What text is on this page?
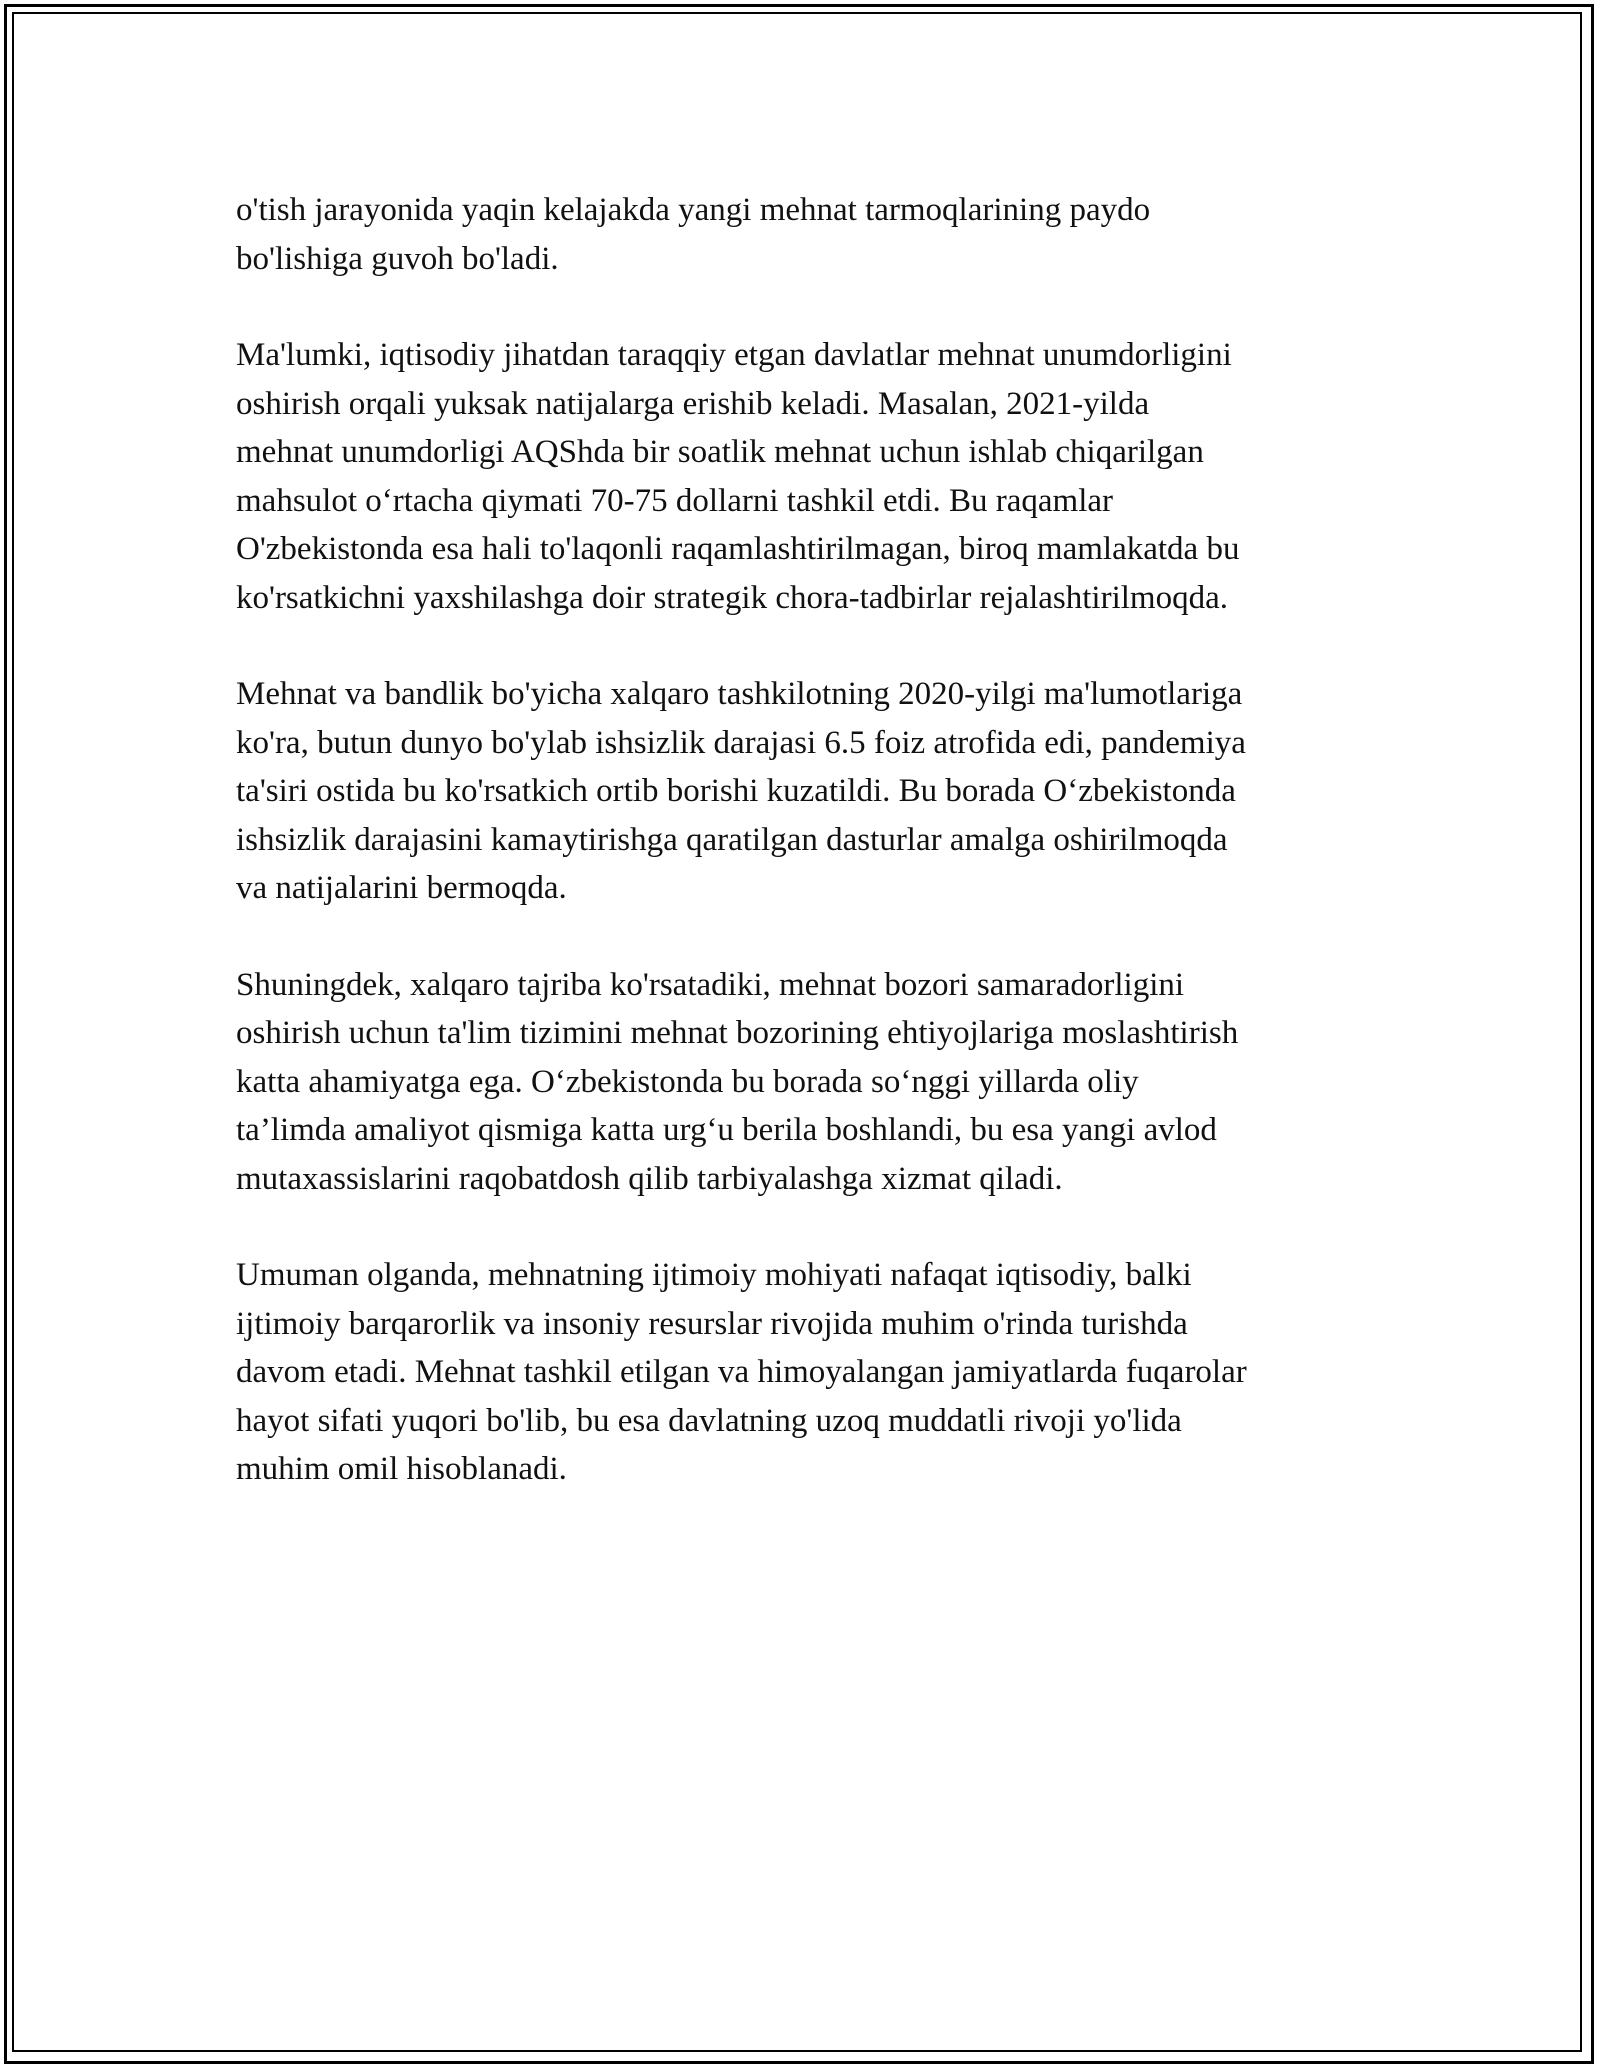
o'tish jarayonida yaqin kelajakda yangi mehnat tarmoqlarining paydo
bo'lishiga guvoh bo'ladi.

Ma'lumki, iqtisodiy jihatdan taraqqiy etgan davlatlar mehnat unumdorligini
oshirish orqali yuksak natijalarga erishib keladi. Masalan, 2021-yilda
mehnat unumdorligi AQShda bir soatlik mehnat uchun ishlab chiqarilgan
mahsulot o‘rtacha qiymati 70-75 dollarni tashkil etdi. Bu raqamlar
O'zbekistonda esa hali to'laqonli raqamlashtirilmagan, biroq mamlakatda bu
ko'rsatkichni yaxshilashga doir strategik chora-tadbirlar rejalashtirilmoqda.

Mehnat va bandlik bo'yicha xalqaro tashkilotning 2020-yilgi ma'lumotlariga
ko'ra, butun dunyo bo'ylab ishsizlik darajasi 6.5 foiz atrofida edi, pandemiya
ta'siri ostida bu ko'rsatkich ortib borishi kuzatildi. Bu borada O‘zbekistonda
ishsizlik darajasini kamaytirishga qaratilgan dasturlar amalga oshirilmoqda
va natijalarini bermoqda.

Shuningdek, xalqaro tajriba ko'rsatadiki, mehnat bozori samaradorligini
oshirish uchun ta'lim tizimini mehnat bozorining ehtiyojlariga moslashtirish
katta ahamiyatga ega. O‘zbekistonda bu borada so‘nggi yillarda oliy
ta’limda amaliyot qismiga katta urg‘u berila boshlandi, bu esa yangi avlod
mutaxassislarini raqobatdosh qilib tarbiyalashga xizmat qiladi.

Umuman olganda, mehnatning ijtimoiy mohiyati nafaqat iqtisodiy, balki
ijtimoiy barqarorlik va insoniy resurslar rivojida muhim o'rinda turishda
davom etadi. Mehnat tashkil etilgan va himoyalangan jamiyatlarda fuqarolar
hayot sifati yuqori bo'lib, bu esa davlatning uzoq muddatli rivoji yo'lida
muhim omil hisoblanadi.
